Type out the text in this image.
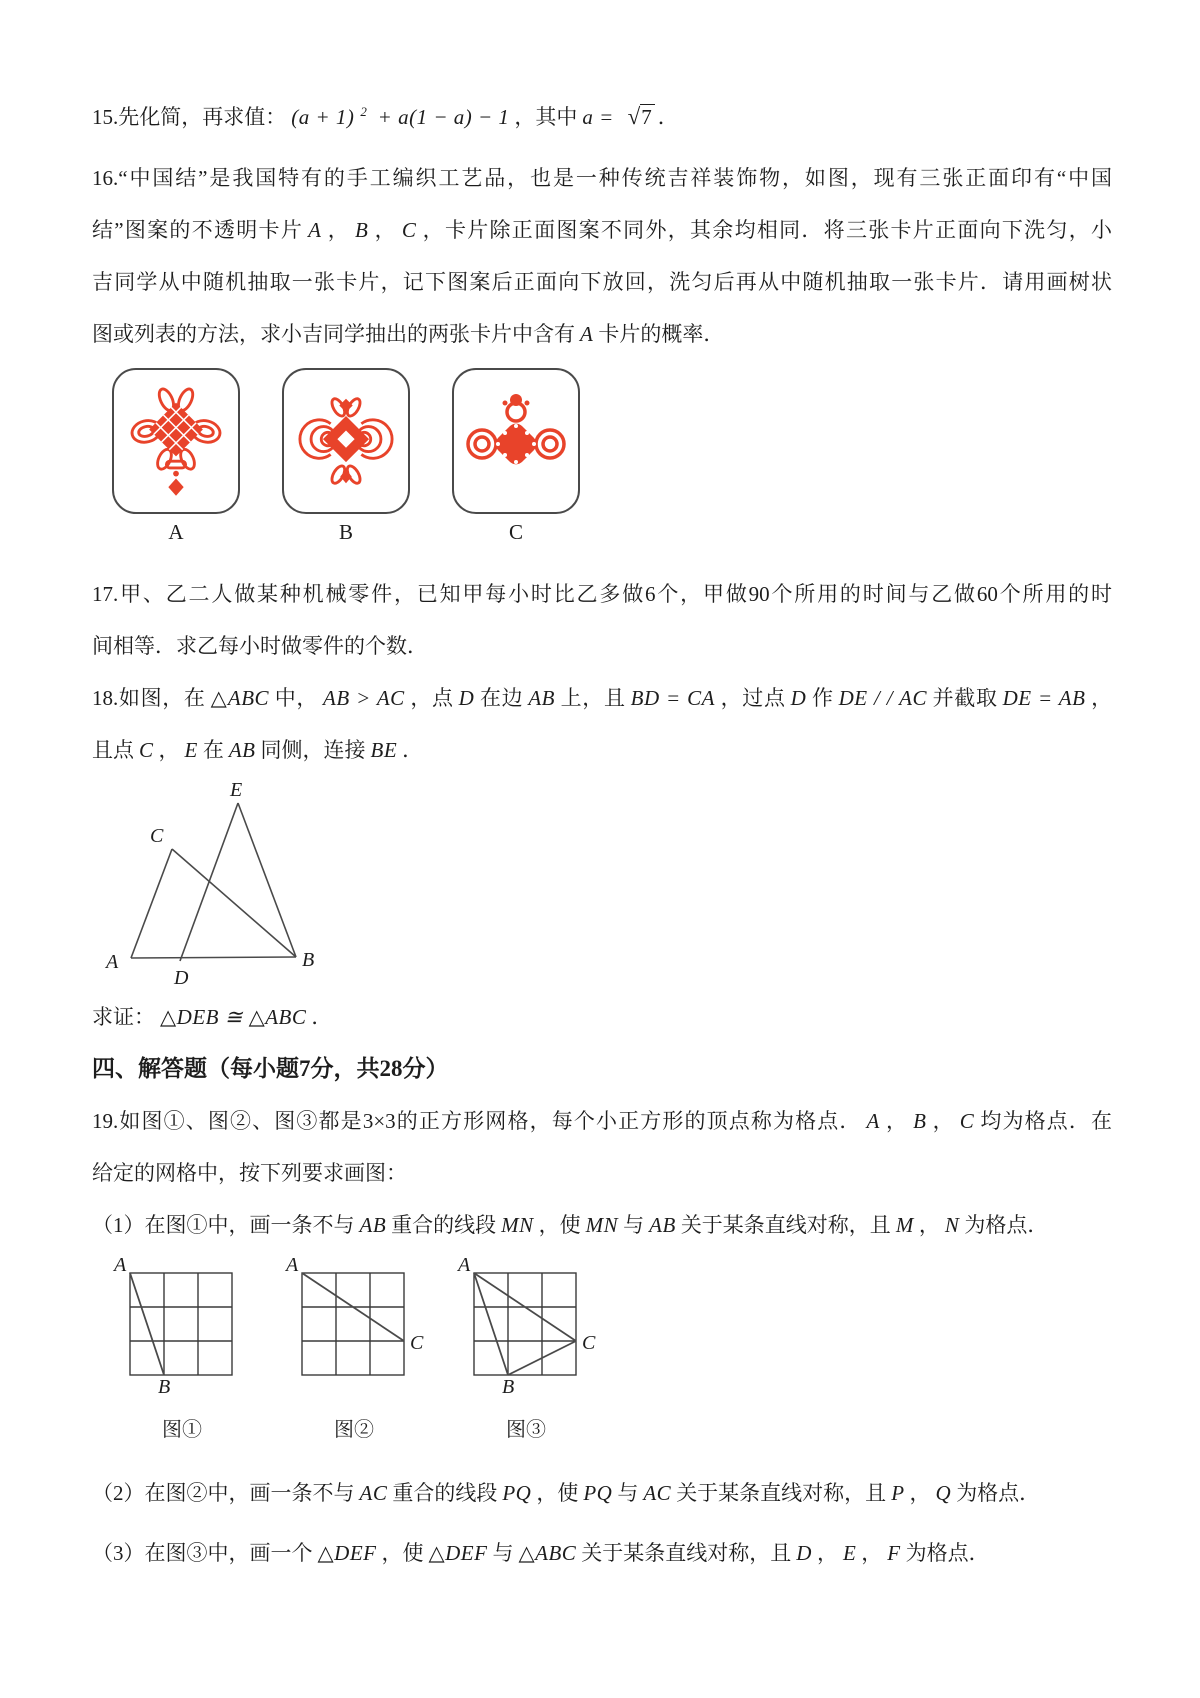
15.先化简，再求值： (a + 1) $^2$ + a(1 − a) − 1 ，其中 a = √7 ．
16.“中国结”是我国特有的手工编织工艺品，也是一种传统吉祥装饰物，如图，现有三张正面印有“中国
结”图案的不透明卡片 A ， B ， C ，卡片除正面图案不同外，其余均相同．将三张卡片正面向下洗匀，小
吉同学从中随机抽取一张卡片，记下图案后正面向下放回，洗匀后再从中随机抽取一张卡片．请用画树状
图或列表的方法，求小吉同学抽出的两张卡片中含有 A 卡片的概率．
A	B	C
17.甲、乙二人做某种机械零件，已知甲每小时比乙多做6个，甲做90个所用的时间与乙做60个所用的时
间相等．求乙每小时做零件的个数．
18.如图，在 △ABC 中， AB > AC ，点 D 在边 AB 上，且 BD = CA ，过点 D 作 DE / / AC 并截取 DE = AB ，
且点 C ， E 在 AB 同侧，连接 BE ．
E
C
A
D
B
求证： △DEB ≅ △ABC ．
四、解答题（每小题7分，共28分）
19.如图①、图②、图③都是3×3的正方形网格，每个小正方形的顶点称为格点． A ， B ， C 均为格点．在
给定的网格中，按下列要求画图：
（1）在图①中，画一条不与 AB 重合的线段 MN ，使 MN 与 AB 关于某条直线对称，且 M ， N 为格点．
A
B
图①
A
C
图②
A
B
C
图③
（2）在图②中，画一条不与 AC 重合的线段 PQ ，使 PQ 与 AC 关于某条直线对称，且 P ， Q 为格点．
（3）在图③中，画一个 △DEF ，使 △DEF 与 △ABC 关于某条直线对称，且 D ， E ， F 为格点．
